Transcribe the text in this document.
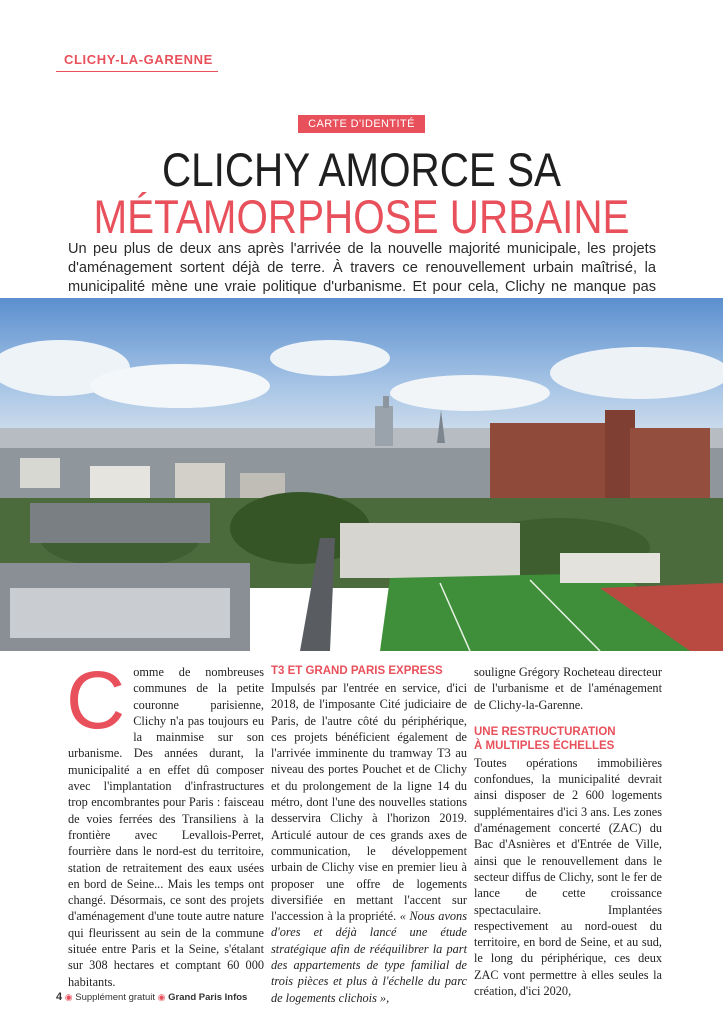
CLICHY-LA-GARENNE
CARTE D'IDENTITÉ
CLICHY AMORCE SA
MÉTAMORPHOSE URBAINE

Un peu plus de deux ans après l'arrivée de la nouvelle majorité municipale, les projets d'aménagement sortent déjà de terre. À travers ce renouvellement urbain maîtrisé, la municipalité mène une vraie politique d'urbanisme. Et pour cela, Clichy ne manque pas

C omme de nombreuses communes de la petite couronne parisienne, Clichy n'a pas toujours eu la mainmise sur son urbanisme. Des années durant, la municipalité a en effet dû composer avec l'implantation d'infrastructures trop encombrantes pour Paris : faisceau de voies ferrées des Transiliens à la frontière avec Levallois-Perret, fourrière dans le nord-est du territoire, station de retraitement des eaux usées en bord de Seine... Mais les temps ont changé. Désormais, ce sont des projets d'aménagement d'une toute autre nature qui fleurissent au sein de la commune située entre Paris et la Seine, s'étalant sur 308 hectares et comptant 60 000 habitants.

T3 ET GRAND PARIS EXPRESS

Impulsés par l'entrée en service, d'ici 2018, de l'imposante Cité judiciaire de Paris, de l'autre côté du périphérique, ces projets bénéficient également de l'arrivée imminente du tramway T3 au niveau des portes Pouchet et de Clichy et du prolongement de la ligne 14 du métro, dont l'une des nouvelles stations desservira Clichy à l'horizon 2019. Articulé autour de ces grands axes de communication, le développement urbain de Clichy vise en premier lieu à proposer une offre de logements diversifiée en mettant l'accent sur l'accession à la propriété. « Nous avons d'ores et déjà lancé une étude stratégique afin de rééquilibrer la part des appartements de type familial de trois pièces et plus à l'échelle du parc de logements clichois »,

souligne Grégory Rocheteau directeur de l'urbanisme et de l'aménagement de Clichy-la-Garenne.

UNE RESTRUCTURATION
À MULTIPLES ÉCHELLES

Toutes opérations immobilières confondues, la municipalité devrait ainsi disposer de 2 600 logements supplémentaires d'ici 3 ans. Les zones d'aménagement concerté (ZAC) du Bac d'Asnières et d'Entrée de Ville, ainsi que le renouvellement dans le secteur diffus de Clichy, sont le fer de lance de cette croissance spectaculaire. Implantées respectivement au nord-ouest du territoire, en bord de Seine, et au sud, le long du périphérique, ces deux ZAC vont permettre à elles seules la création, d'ici 2020,

4 ◉ Supplément gratuit ◉ Grand Paris Infos
